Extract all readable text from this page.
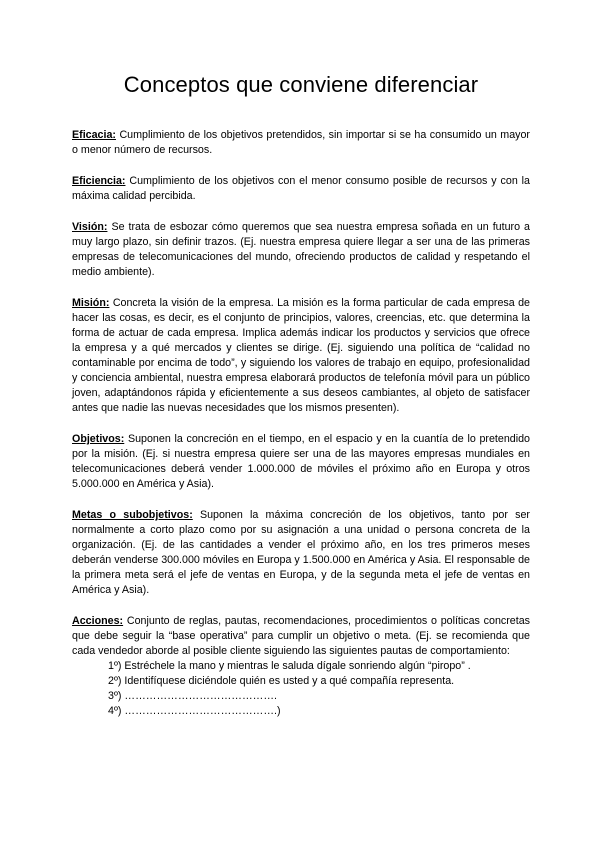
Conceptos que conviene diferenciar

Eficacia: Cumplimiento de los objetivos pretendidos, sin importar si se ha consumido un mayor o menor número de recursos.

Eficiencia: Cumplimiento de los objetivos con el menor consumo posible de recursos y con la máxima calidad percibida.

Visión: Se trata de esbozar cómo queremos que sea nuestra empresa soñada en un futuro a muy largo plazo, sin definir trazos. (Ej. nuestra empresa quiere llegar a ser una de las primeras empresas de telecomunicaciones del mundo, ofreciendo productos de calidad y respetando el medio ambiente).

Misión: Concreta la visión de la empresa. La misión es la forma particular de cada empresa de hacer las cosas, es decir, es el conjunto de principios, valores, creencias, etc. que determina la forma de actuar de cada empresa. Implica además indicar los productos y servicios que ofrece la empresa y a qué mercados y clientes se dirige. (Ej. siguiendo una política de “calidad no contaminable por encima de todo”, y siguiendo los valores de trabajo en equipo, profesionalidad y conciencia ambiental, nuestra empresa elaborará productos de telefonía móvil para un público joven, adaptándonos rápida y eficientemente a sus deseos cambiantes, al objeto de satisfacer antes que nadie las nuevas necesidades que los mismos presenten).

Objetivos: Suponen la concreción en el tiempo, en el espacio y en la cuantía de lo pretendido por la misión. (Ej. si nuestra empresa quiere ser una de las mayores empresas mundiales en telecomunicaciones deberá vender 1.000.000 de móviles el próximo año en Europa y otros 5.000.000 en América y Asia).

Metas o subobjetivos: Suponen la máxima concreción de los objetivos, tanto por ser normalmente a corto plazo como por su asignación a una unidad o persona concreta de la organización. (Ej. de las cantidades a vender el próximo año, en los tres primeros meses deberán venderse 300.000 móviles en Europa y 1.500.000 en América y Asia. El responsable de la primera meta será el jefe de ventas en Europa, y de la segunda meta el jefe de ventas en América y Asia).

Acciones: Conjunto de reglas, pautas, recomendaciones, procedimientos o políticas concretas que debe seguir la “base operativa” para cumplir un objetivo o meta. (Ej. se recomienda que cada vendedor aborde al posible cliente siguiendo las siguientes pautas de comportamiento:

1º) Estréchele la mano y mientras le saluda dígale sonriendo algún “piropo” .
2º) Identifíquese diciéndole quién es usted y a qué compañía representa.
3º) …………………………………….
4º) …………………………………….)
